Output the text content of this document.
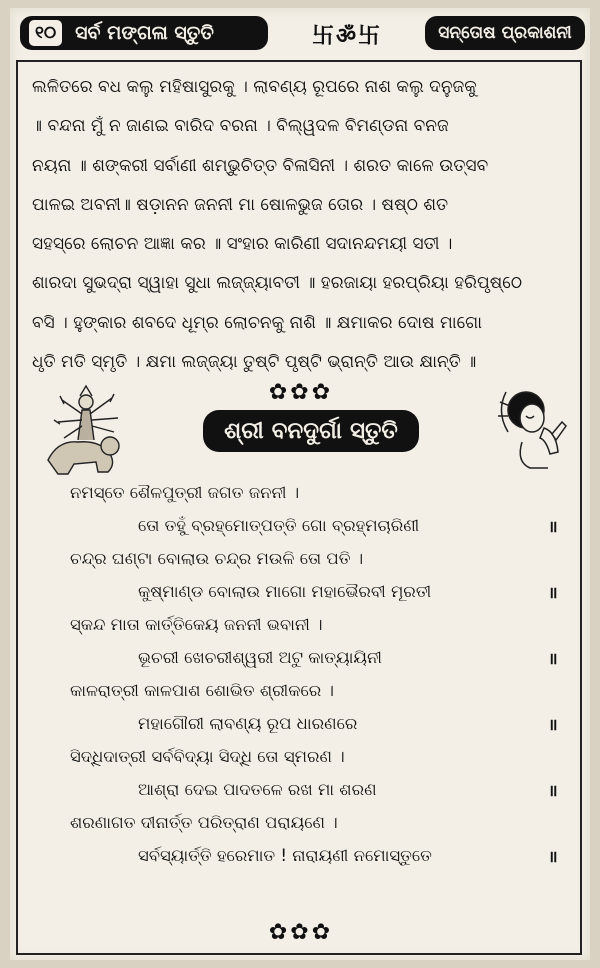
୧୦	ସର୍ବ ମଙ୍ଗଳା ସ୍ତୁତି	卐ॐ卐	ସନ୍ତୋଷ ପ୍ରକାଶନୀ
ଲଳିତରେ ବଧ କଲୁ ମହିଷାସୁରକୁ । ଲାବଣ୍ୟ ରୂପରେ ନାଶ କଲୁ ଦନୁଜକୁ
॥ ବନ୍ଦନା ମୁଁ ନ ଜାଣଇ ବାରିଦ ବରନା । ବିଲ୍ୱଦଳ ବିମଣ୍ଡନା ବନଜ
ନୟନା ॥ ଶଙ୍କରୀ ସର୍ବାଣୀ ଶମ୍ଭୁଚିତ୍ତ ବିଳାସିନୀ । ଶରତ କାଳେ ଉତ୍ସବ
ପାଳଇ ଅବନୀ॥ ଷଡ଼ାନନ ଜନନୀ ମା ଷୋଳଭୁଜ ତୋର । ଷଷ୍ଠ ଶତ
ସହସ୍ରେ ଲୋଚନ ଆଜ୍ଞା କର ॥ ସଂହାର କାରିଣୀ ସଦାନନ୍ଦମୟୀ ସତୀ ।
ଶାରଦା ସୁଭଦ୍ରା ସ୍ୱାହା ସୁଧା ଲଜ୍ଜ୍ୟାବତୀ ॥ ହରଜାୟା ହରପ୍ରିୟା ହରିପୃଷ୍ଠେ
ବସି । ହୁଙ୍କାର ଶବଦେ ଧୂମ୍ର ଲୋଚନକୁ ନାଶି ॥ କ୍ଷମାକର ଦୋଷ ମାଗୋ
ଧୃତି ମତି ସ୍ମୃତି । କ୍ଷମା ଲଜ୍ଜ୍ୟା ତୁଷ୍ଟି ପୃଷ୍ଟି ଭ୍ରାନ୍ତି ଆଉ କ୍ଷାନ୍ତି ॥
✿✿✿
ଶ୍ରୀ ବନଦୁର୍ଗା ସ୍ତୁତି
ନମସ୍ତେ ଶୈଳପୁତ୍ରୀ ଜଗତ ଜନନୀ ।
ତୋ ତହୁଁ ବ୍ରହ୍ମୋତ୍ପତ୍ତି ଗୋ ବ୍ରହ୍ମଚାରିଣୀ	॥
ଚନ୍ଦ୍ର ଘଣ୍ଟା ବୋଲାଉ ଚନ୍ଦ୍ର ମଉଳି ତୋ ପତି ।
କୁଷ୍ମାଣ୍ଡ ବୋଲାଉ ମାଗୋ ମହାଭୈରବୀ ମୂରତୀ	॥
ସ୍କନ୍ଦ ମାତା କାର୍ତ୍ତିକେୟ ଜନନୀ ଭବାନୀ ।
ଭୂଚରୀ ଖେଚରୀଶ୍ୱରୀ ଅଟୁ କାତ୍ୟାୟିନୀ	॥
କାଳରାତ୍ରୀ କାଳପାଶ ଶୋଭିତ ଶ୍ରୀକରେ ।
ମହାଗୌରୀ ଲାବଣ୍ୟ ରୂପ ଧାରଣରେ	॥
ସିଦ୍ଧିଦାତ୍ରୀ ସର୍ବବିଦ୍ୟା ସିଦ୍ଧି ତୋ ସ୍ମରଣ ।
ଆଶ୍ରା ଦେଇ ପାଦତଳେ ରଖ ମା ଶରଣ	॥
ଶରଣାଗତ ଦୀନାର୍ତ୍ତ ପରିତ୍ରାଣ ପରାୟଣେ ।
ସର୍ବସ୍ୟାର୍ତ୍ତି ହରେମାତ ! ନାରାୟଣୀ ନମୋସ୍ତୁତେ	॥
✿✿✿
